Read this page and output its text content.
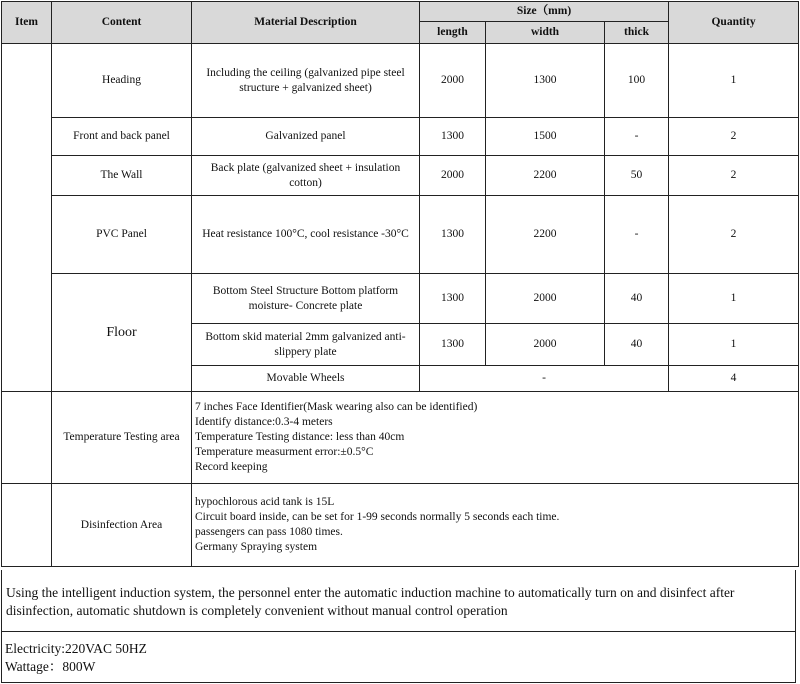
Item	Content	Material Description	Size（mm)			Quantity
			length	width	thick	
	Heading	Including the ceiling (galvanized pipe steel structure + galvanized sheet)	2000	1300	100	1
	Front and back panel	Galvanized panel	1300	1500	-	2
	The Wall	Back plate (galvanized sheet + insulation cotton)	2000	2200	50	2
	PVC Panel	Heat resistance 100°C, cool resistance -30°C	1300	2200	-	2
	Floor	Bottom Steel Structure Bottom platform moisture- Concrete plate	1300	2000	40	1
		Bottom skid material 2mm galvanized anti-slippery plate	1300	2000	40	1
		Movable Wheels	-			4
	Temperature Testing area	7 inches Face Identifier(Mask wearing also can be identified)
Identify distance:0.3-4 meters
Temperature Testing distance: less than 40cm
Temperature measurment error:±0.5°C
Record keeping				

	Disinfection Area	hypochlorous acid tank is 15L
Circuit board inside, can be set for 1-99 seconds normally 5 seconds each time.
passengers can pass 1080 times.
Germany Spraying system				
Using the intelligent induction system, the personnel enter the automatic induction machine to automatically turn on and disinfect after disinfection, automatic shutdown is completely convenient without manual control operation
Electricity:220VAC 50HZ
Wattage：800W
